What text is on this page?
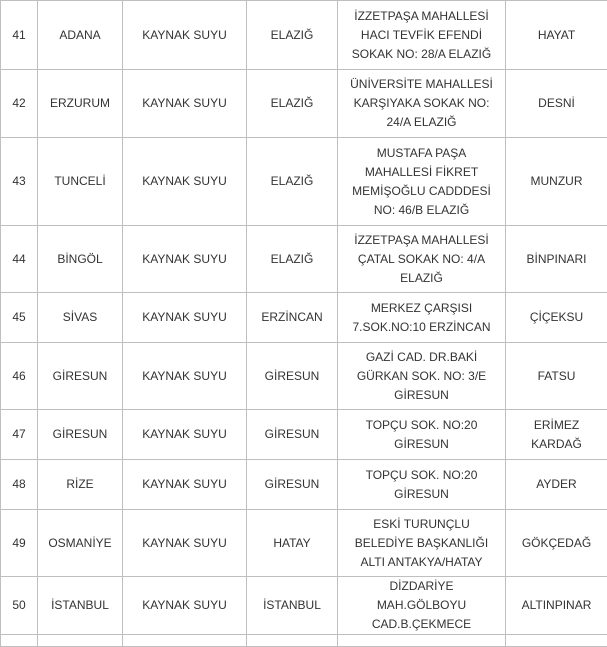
41	ADANA	KAYNAK SUYU	ELAZIĞ	İZZETPAŞA MAHALLESİ HACI TEVFİK EFENDİ SOKAK NO: 28/A ELAZIĞ	HAYAT
42	ERZURUM	KAYNAK SUYU	ELAZIĞ	ÜNİVERSİTE MAHALLESİ KARŞIYAKA SOKAK NO: 24/A ELAZIĞ	DESNİ
43	TUNCELİ	KAYNAK SUYU	ELAZIĞ	MUSTAFA PAŞA MAHALLESİ FİKRET MEMİŞOĞLU CADDDESİ NO: 46/B ELAZIĞ	MUNZUR
44	BİNGÖL	KAYNAK SUYU	ELAZIĞ	İZZETPAŞA MAHALLESİ ÇATAL SOKAK NO: 4/A ELAZIĞ	BİNPINARI
45	SİVAS	KAYNAK SUYU	ERZİNCAN	MERKEZ ÇARŞISI 7.SOK.NO:10 ERZİNCAN	ÇİÇEKSU
46	GİRESUN	KAYNAK SUYU	GİRESUN	GAZİ CAD. DR.BAKİ GÜRKAN SOK. NO: 3/E GİRESUN	FATSU
47	GİRESUN	KAYNAK SUYU	GİRESUN	TOPÇU SOK. NO:20 GİRESUN	ERİMEZ KARDAĞ
48	RİZE	KAYNAK SUYU	GİRESUN	TOPÇU SOK. NO:20 GİRESUN	AYDER
49	OSMANİYE	KAYNAK SUYU	HATAY	ESKİ TURUNÇLU BELEDİYE BAŞKANLIĞI ALTI ANTAKYA/HATAY	GÖKÇEDAĞ
50	İSTANBUL	KAYNAK SUYU	İSTANBUL	DİZDARİYE MAH.GÖLBOYU CAD.B.ÇEKMECE	ALTINPINAR
